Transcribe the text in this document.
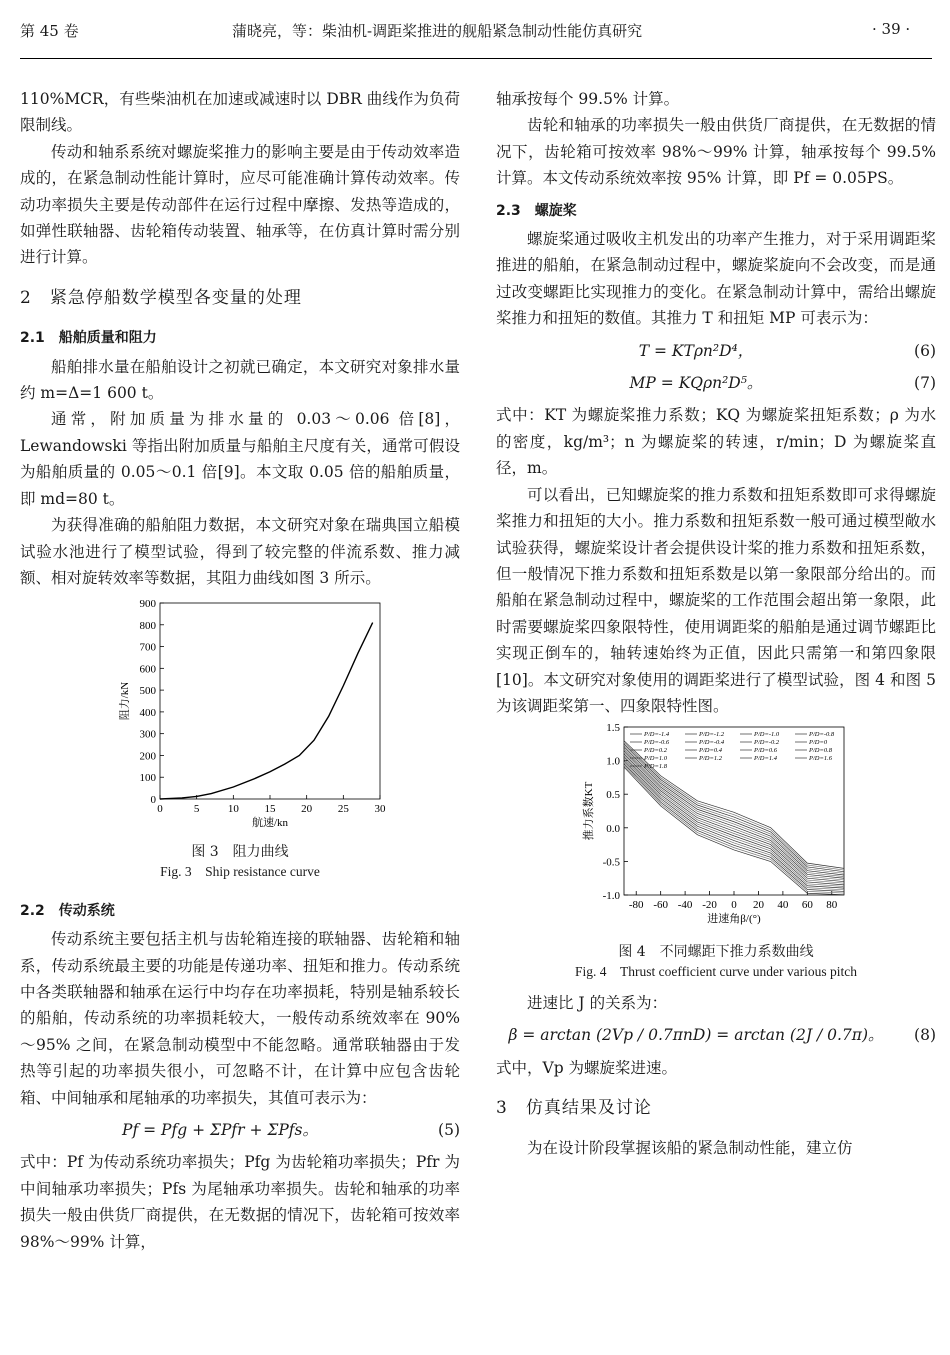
第 45 卷	蒲晓亮，等：柴油机-调距桨推进的舰船紧急制动性能仿真研究	· 39 ·

110%MCR，有些柴油机在加速或减速时以 DBR 曲线作为负荷限制线。

传动和轴系系统对螺旋桨推力的影响主要是由于传动效率造成的，在紧急制动性能计算时，应尽可能准确计算传动效率。传动功率损失主要是传动部件在运行过程中摩擦、发热等造成的，如弹性联轴器、齿轮箱传动装置、轴承等，在仿真计算时需分别进行计算。

2　紧急停船数学模型各变量的处理
2.1　船舶质量和阻力

船舶排水量在船舶设计之初就已确定，本文研究对象排水量约 m=Δ=1 600 t。

通常，附加质量为排水量的 0.03～0.06 倍[8]，Lewandowski 等指出附加质量与船舶主尺度有关，通常可假设为船舶质量的 0.05～0.1 倍[9]。本文取 0.05 倍的船舶质量，即 md=80 t。

为获得准确的船舶阻力数据，本文研究对象在瑞典国立船模试验水池进行了模型试验，得到了较完整的伴流系数、推力减额、相对旋转效率等数据，其阻力曲线如图 3 所示。

0	5	10 15 20 25 30
0
100
200
300
400
500
600
700
800
900
航速/kn
阻力/kN
图 3　阻力曲线
Fig. 3　Ship resistance curve
2.2　传动系统

传动系统主要包括主机与齿轮箱连接的联轴器、齿轮箱和轴系，传动系统最主要的功能是传递功率、扭矩和推力。传动系统中各类联轴器和轴承在运行中均存在功率损耗，特别是轴系较长的船舶，传动系统的功率损耗较大，一般传动系统效率在 90%～95% 之间，在紧急制动模型中不能忽略。通常联轴器由于发热等引起的功率损失很小，可忽略不计，在计算中应包含齿轮箱、中间轴承和尾轴承的功率损失，其值可表示为：

Pf = Pfg + ΣPfr + ΣPfs。	(5)

式中：Pf 为传动系统功率损失；Pfg 为齿轮箱功率损失；Pfr 为中间轴承功率损失；Pfs 为尾轴承功率损失。齿轮和轴承的功率损失一般由供货厂商提供，在无数据的情况下，齿轮箱可按效率 98%～99% 计算，

轴承按每个 99.5% 计算。

齿轮和轴承的功率损失一般由供货厂商提供，在无数据的情况下，齿轮箱可按效率 98%～99% 计算，轴承按每个 99.5% 计算。本文传动系统效率按 95% 计算，即 Pf = 0.05PS。

2.3　螺旋桨

螺旋桨通过吸收主机发出的功率产生推力，对于采用调距桨推进的船舶，在紧急制动过程中，螺旋桨旋向不会改变，而是通过改变螺距比实现推力的变化。在紧急制动计算中，需给出螺旋桨推力和扭矩的数值。其推力 T 和扭矩 MP 可表示为：

T = KTρn²D⁴，	(6)
MP = KQρn²D⁵。	(7)

式中：KT 为螺旋桨推力系数；KQ 为螺旋桨扭矩系数；ρ 为水的密度，kg/m³；n 为螺旋桨的转速，r/min；D 为螺旋桨直径，m。

可以看出，已知螺旋桨的推力系数和扭矩系数即可求得螺旋桨推力和扭矩的大小。推力系数和扭矩系数一般可通过模型敞水试验获得，螺旋桨设计者会提供设计桨的推力系数和扭矩系数，但一般情况下推力系数和扭矩系数是以第一象限部分给出的。而船舶在紧急制动过程中，螺旋桨的工作范围会超出第一象限，此时需要螺旋桨四象限特性，使用调距桨的船舶是通过调节螺距比实现正倒车的，轴转速始终为正值，因此只需第一和第四象限[10]。本文研究对象使用的调距桨进行了模型试验，图 4 和图 5 为该调距桨第一、四象限特性图。

-80 -60 -40 -20 0 20 40 60 80
-1.0
-0.5
0.0
0.5
1.0
1.5
进速角β/(°)
推力系数KT
P/D=-1.4	P/D=-1.2	P/D=-1.0	P/D=-0.8
P/D=-0.6	P/D=-0.4	P/D=-0.2	P/D=0
P/D=0.2	P/D=0.4	P/D=0.6	P/D=0.8
P/D=1.0	P/D=1.2	P/D=1.4	P/D=1.6
P/D=1.8
图 4　不同螺距下推力系数曲线
Fig. 4　Thrust coefficient curve under various pitch

进速比 J 的关系为：

β = arctan (2Vp / 0.7πnD) = arctan (2J / 0.7π)。	(8)

式中，Vp 为螺旋桨进速。

3　仿真结果及讨论

为在设计阶段掌握该船的紧急制动性能，建立仿
